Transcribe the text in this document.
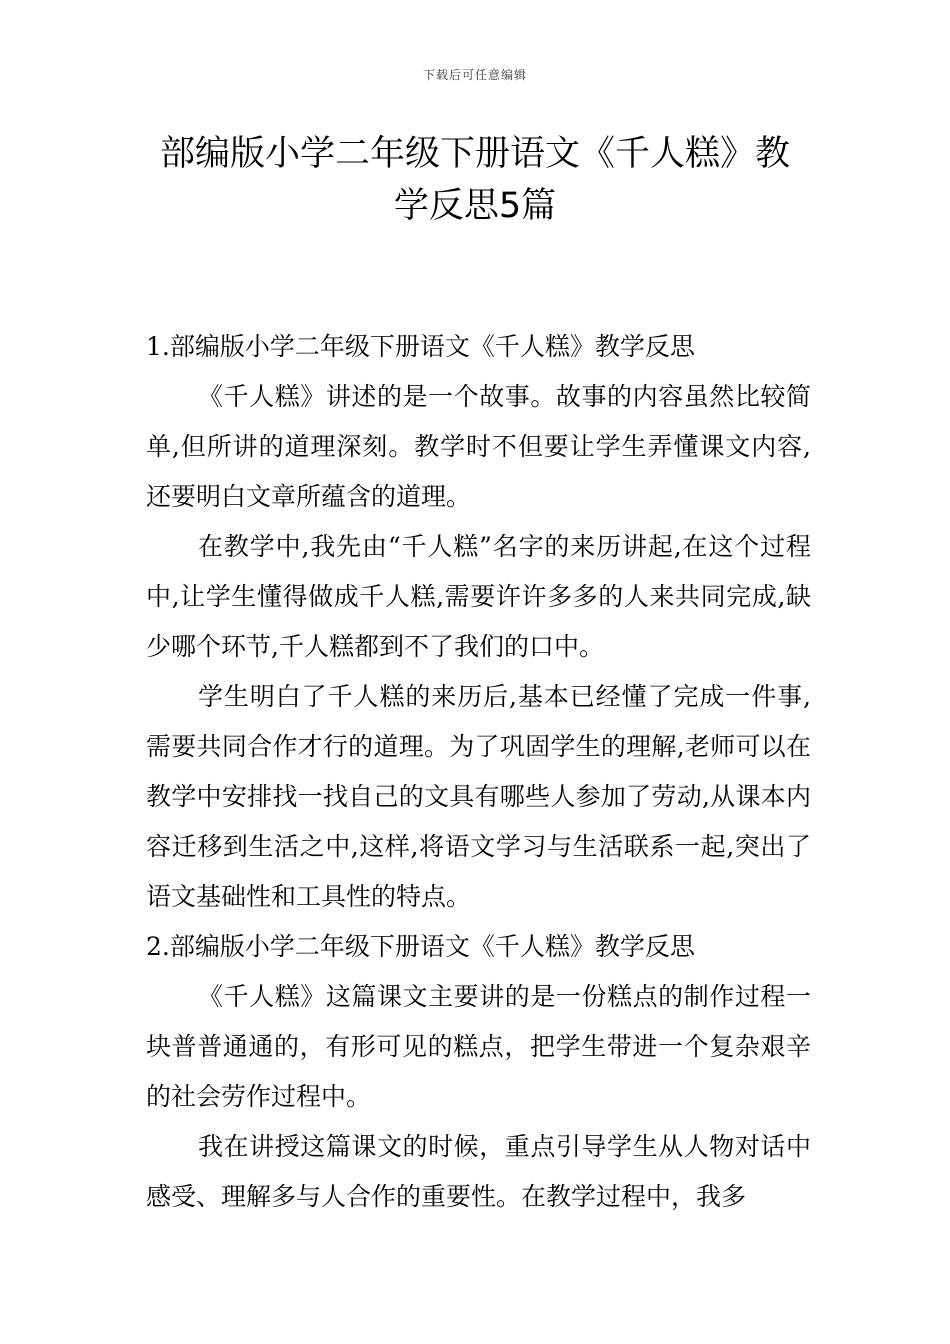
下载后可任意编辑
部编版小学二年级下册语文《千人糕》教
学反思5篇
1.部编版小学二年级下册语文《千人糕》教学反思

《千人糕》讲述的是一个故事。故事的内容虽然比较简单,但所讲的道理深刻。教学时不但要让学生弄懂课文内容,还要明白文章所蕴含的道理。

在教学中,我先由“千人糕”名字的来历讲起,在这个过程中,让学生懂得做成千人糕,需要许许多多的人来共同完成,缺少哪个环节,千人糕都到不了我们的口中。

学生明白了千人糕的来历后,基本已经懂了完成一件事,需要共同合作才行的道理。为了巩固学生的理解,老师可以在教学中安排找一找自己的文具有哪些人参加了劳动,从课本内容迁移到生活之中,这样,将语文学习与生活联系一起,突出了语文基础性和工具性的特点。

2.部编版小学二年级下册语文《千人糕》教学反思

《千人糕》这篇课文主要讲的是一份糕点的制作过程一块普普通通的，有形可见的糕点，把学生带进一个复杂艰辛的社会劳作过程中。

我在讲授这篇课文的时候，重点引导学生从人物对话中感受、理解多与人合作的重要性。在教学过程中，我多
